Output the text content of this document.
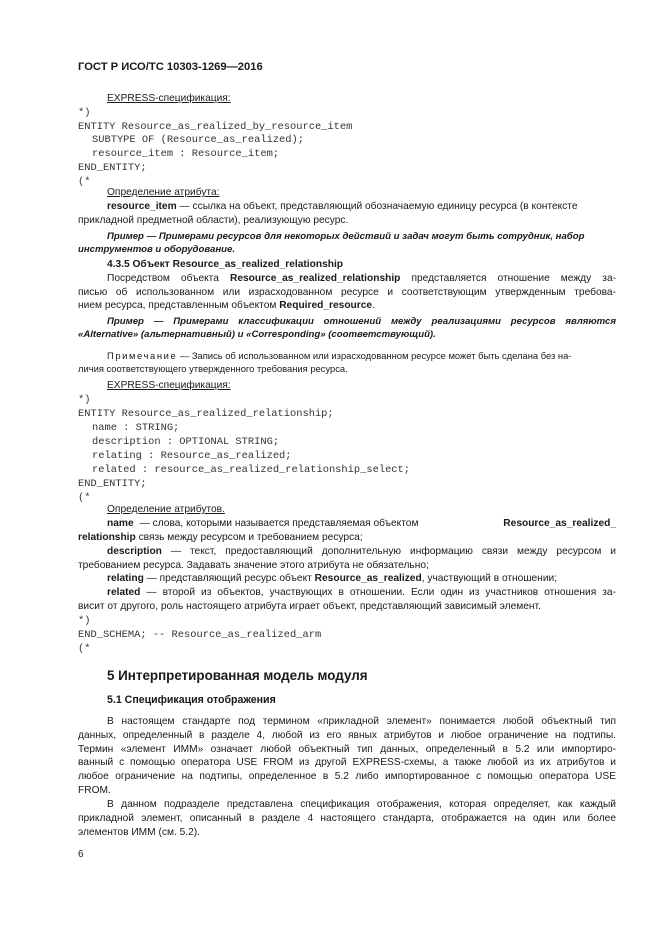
ГОСТ Р ИСО/ТС 10303-1269—2016
EXPRESS-спецификация:
*)
ENTITY Resource_as_realized_by_resource_item
SUBTYPE OF (Resource_as_realized);
resource_item : Resource_item;
END_ENTITY;
(*
Определение атрибута:
resource_item — ссылка на объект, представляющий обозначаемую единицу ресурса (в контексте
прикладной предметной области), реализующую ресурс.
Пример — Примерами ресурсов для некоторых действий и задач могут быть сотрудник, набор
инструментов и оборудование.
4.3.5 Объект Resource_as_realized_relationship
Посредством объекта Resource_as_realized_relationship представляется отношение между за-
писью об использованном или израсходованном ресурсе и соответствующим утвержденным требова-
нием ресурса, представленным объектом Required_resource.
Пример — Примерами классификации отношений между реализациями ресурсов являются
«Alternative» (альтернативный) и «Corresponding» (соответствующий).
Примечание — Запись об использованном или израсходованном ресурсе может быть сделана без на-
личия соответствующего утвержденного требования ресурса.
EXPRESS-спецификация:
*)
ENTITY Resource_as_realized_relationship;
name : STRING;
description : OPTIONAL STRING;
relating : Resource_as_realized;
related : resource_as_realized_relationship_select;
END_ENTITY;
(*
Определение атрибутов.
name — слова, которыми называется представляемая объектом	Resource_as_realized_
relationship связь между ресурсом и требованием ресурса;
description — текст, предоставляющий дополнительную информацию связи между ресурсом и
требованием ресурса. Задавать значение этого атрибута не обязательно;
relating — представляющий ресурс объект Resource_as_realized, участвующий в отношении;
related — второй из объектов, участвующих в отношении. Если один из участников отношения за-
висит от другого, роль настоящего атрибута играет объект, представляющий зависимый элемент.
*)
END_SCHEMA; -- Resource_as_realized_arm
(*
5 Интерпретированная модель модуля
5.1 Спецификация отображения
В настоящем стандарте под термином «прикладной элемент» понимается любой объектный тип
данных, определенный в разделе 4, любой из его явных атрибутов и любое ограничение на подтипы.
Термин «элемент ИММ» означает любой объектный тип данных, определенный в 5.2 или импортиро-
ванный с помощью оператора USE FROM из другой EXPRESS-схемы, а также любой из их атрибутов и
любое ограничение на подтипы, определенное в 5.2 либо импортированное с помощью оператора USE
FROM.
В данном подразделе представлена спецификация отображения, которая определяет, как каждый
прикладной элемент, описанный в разделе 4 настоящего стандарта, отображается на один или более
элементов ИММ (см. 5.2).
6
